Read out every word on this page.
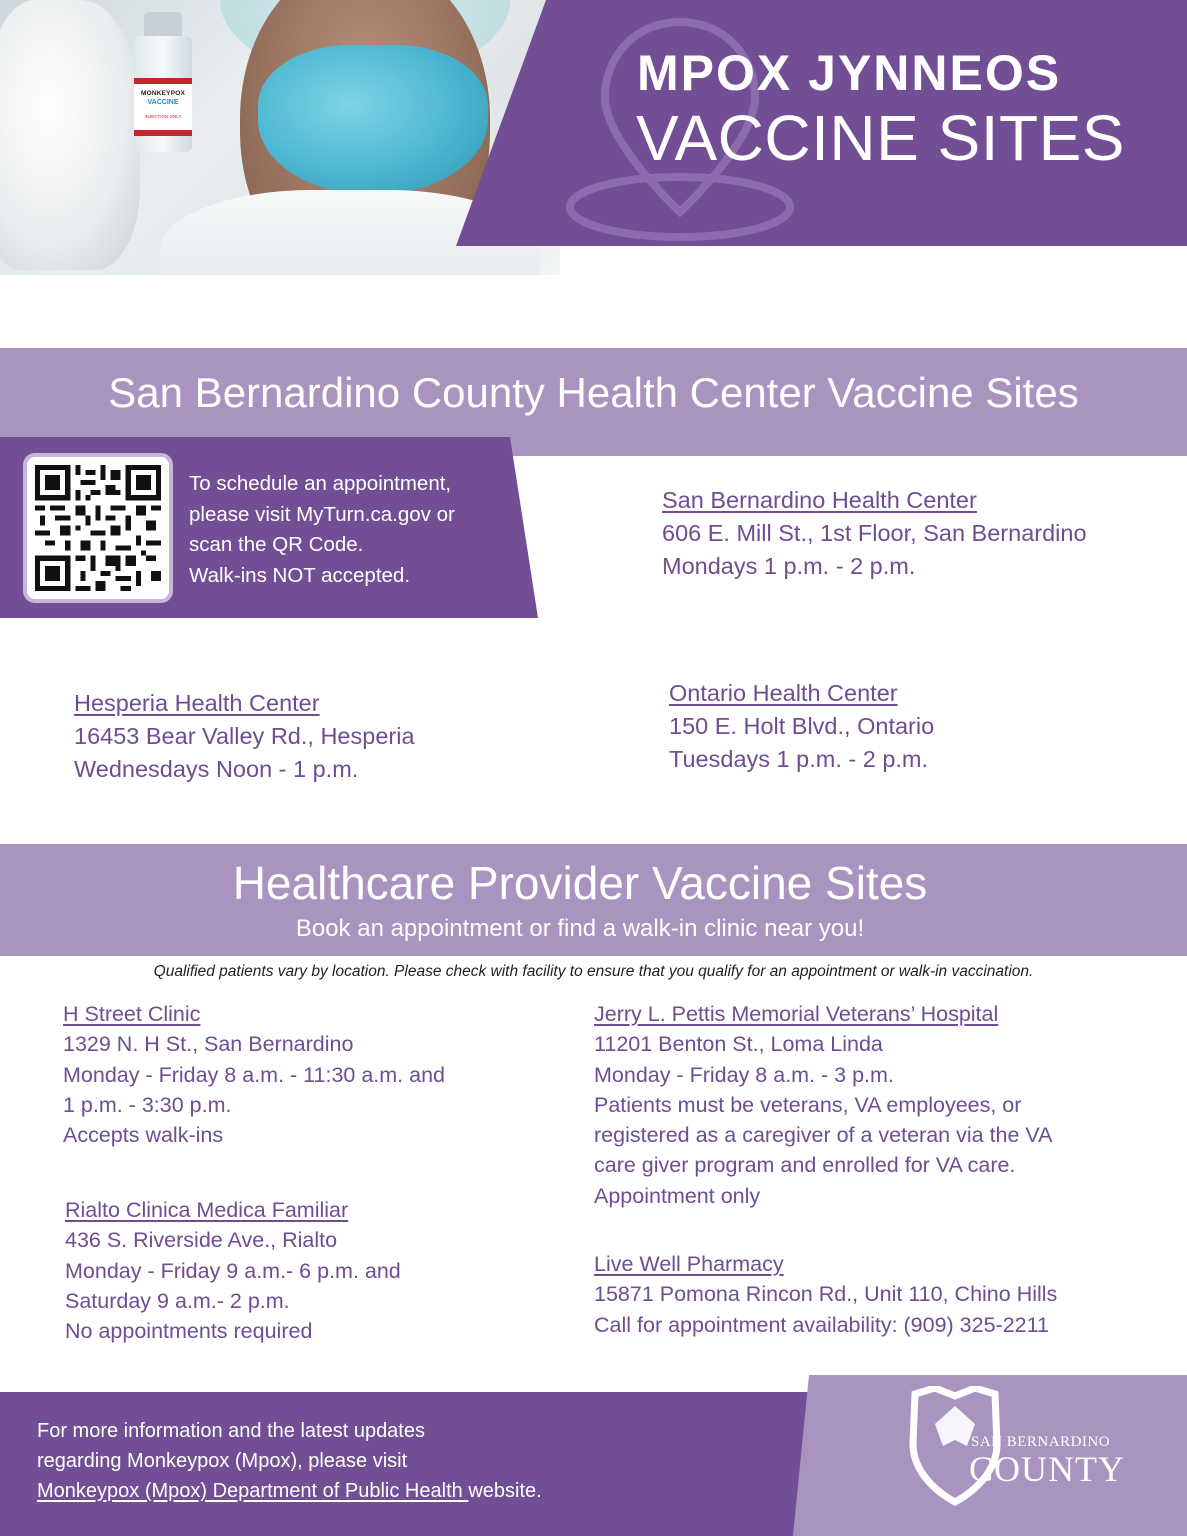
MONKEYPOX
VACCINE
INJECTION ONLY
MPOX JYNNEOS
VACCINE SITES
San Bernardino County Health Center Vaccine Sites
To schedule an appointment,
please visit MyTurn.ca.gov or
scan the QR Code.
Walk-ins NOT accepted.
San Bernardino Health Center
606 E. Mill St., 1st Floor, San Bernardino
Mondays 1 p.m. - 2 p.m.
Hesperia Health Center
16453 Bear Valley Rd., Hesperia
Wednesdays Noon - 1 p.m.
Ontario Health Center
150 E. Holt Blvd., Ontario
Tuesdays 1 p.m. - 2 p.m.
Healthcare Provider Vaccine Sites
Book an appointment or find a walk-in clinic near you!
Qualified patients vary by location. Please check with facility to ensure that you qualify for an appointment or walk-in vaccination.
H Street Clinic
1329 N. H St., San Bernardino
Monday - Friday 8 a.m. - 11:30 a.m. and
1 p.m. - 3:30 p.m.
Accepts walk-ins
Rialto Clinica Medica Familiar
436 S. Riverside Ave., Rialto
Monday - Friday 9 a.m.- 6 p.m. and
Saturday 9 a.m.- 2 p.m.
No appointments required
Jerry L. Pettis Memorial Veterans’ Hospital
11201 Benton St., Loma Linda
Monday - Friday 8 a.m. - 3 p.m.
Patients must be veterans, VA employees, or
registered as a caregiver of a veteran via the VA
care giver program and enrolled for VA care.
Appointment only
Live Well Pharmacy
15871 Pomona Rincon Rd., Unit 110, Chino Hills
Call for appointment availability: (909) 325-2211
For more information and the latest updates
regarding Monkeypox (Mpox), please visit
Monkeypox (Mpox) Department of Public Health website.
SAN BERNARDINO
COUNTY
